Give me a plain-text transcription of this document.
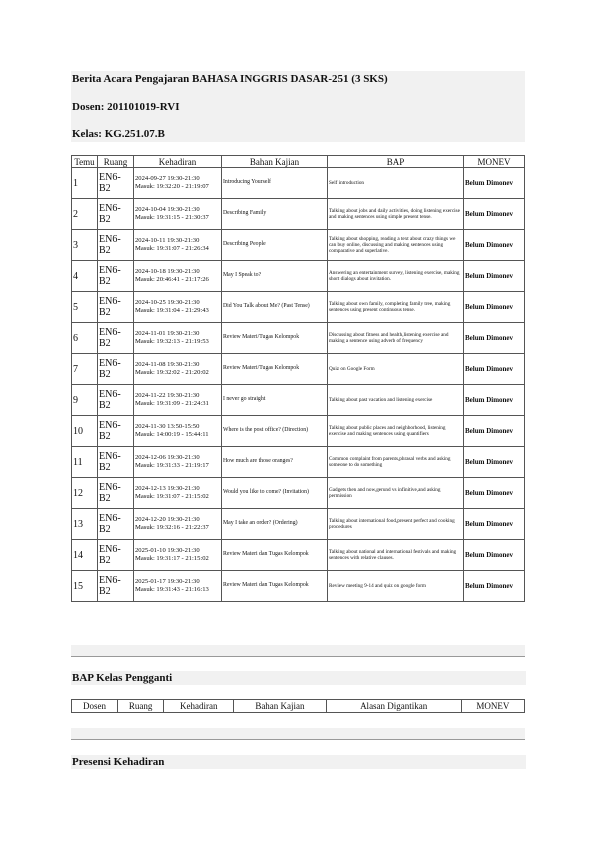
Berita Acara Pengajaran BAHASA INGGRIS DASAR-251 (3 SKS)
Dosen: 201101019-RVI
Kelas: KG.251.07.B
Temu	Ruang	Kehadiran	Bahan Kajian	BAP	MONEV
1	EN6-B2	2024-09-27 19:30-21:30
Masuk: 19:32:20 - 21:19:07	Introducing Yourself	Self introduction	Belum Dimonev
2	EN6-B2	2024-10-04 19:30-21:30
Masuk: 19:31:15 - 21:30:37	Describing Family	Talking about jobs and daily activities, doing listening exercise and making sentences using simple present tense.	Belum Dimonev
3	EN6-B2	2024-10-11 19:30-21:30
Masuk: 19:31:07 - 21:26:34	Describing People	Talking about shopping, reading a text about crazy things we can buy online, discussing and making sentences using comparative and superlative.	Belum Dimonev
4	EN6-B2	2024-10-18 19:30-21:30
Masuk: 20:46:41 - 21:17:26	May I Speak to?	Answering an entertainment survey, listening exercise, making short dialogs about invitation.	Belum Dimonev
5	EN6-B2	2024-10-25 19:30-21:30
Masuk: 19:31:04 - 21:29:43	Did You Talk about Me? (Past Tense)	Talking about own family, completing family tree, making sentences using present continuous tense.	Belum Dimonev
6	EN6-B2	2024-11-01 19:30-21:30
Masuk: 19:32:13 - 21:19:53	Review Materi/Tugas Kelompok	Discussing about fitness and health,listening exercise and making a sentence using adverb of frequency	Belum Dimonev
7	EN6-B2	2024-11-08 19:30-21:30
Masuk: 19:32:02 - 21:20:02	Review Materi/Tugas Kelompok	Quiz on Google Form	Belum Dimonev
9	EN6-B2	2024-11-22 19:30-21:30
Masuk: 19:31:09 - 21:24:31	I never go straight	Talking about past vacation and listening exercise	Belum Dimonev
10	EN6-B2	2024-11-30 13:50-15:50
Masuk: 14:00:19 - 15:44:11	Where is the post office? (Direction)	Talking about public places and neighborhood, listening exercise and making sentences using quantifiers	Belum Dimonev
11	EN6-B2	2024-12-06 19:30-21:30
Masuk: 19:31:33 - 21:19:17	How much are those oranges?	Common complaint from parents,phrasal verbs and asking someone to do something	Belum Dimonev
12	EN6-B2	2024-12-13 19:30-21:30
Masuk: 19:31:07 - 21:15:02	Would you like to come? (Invitation)	Gadgets then and now,gerund vs infinitive,and asking permission	Belum Dimonev
13	EN6-B2	2024-12-20 19:30-21:30
Masuk: 19:32:16 - 21:22:37	May I take an order? (Ordering)	Talking about international food,present perfect and cooking procedures	Belum Dimonev
14	EN6-B2	2025-01-10 19:30-21:30
Masuk: 19:31:17 - 21:15:02	Review Materi dan Tugas Kelompok	Talking about national and international festivals and making sentences with relative clauses.	Belum Dimonev
15	EN6-B2	2025-01-17 19:30-21:30
Masuk: 19:31:43 - 21:16:13	Review Materi dan Tugas Kelompok	Review meeting 9-14 and quiz on google form	Belum Dimonev
BAP Kelas Pengganti
Dosen	Ruang	Kehadiran	Bahan Kajian	Alasan Digantikan	MONEV
Presensi Kehadiran
